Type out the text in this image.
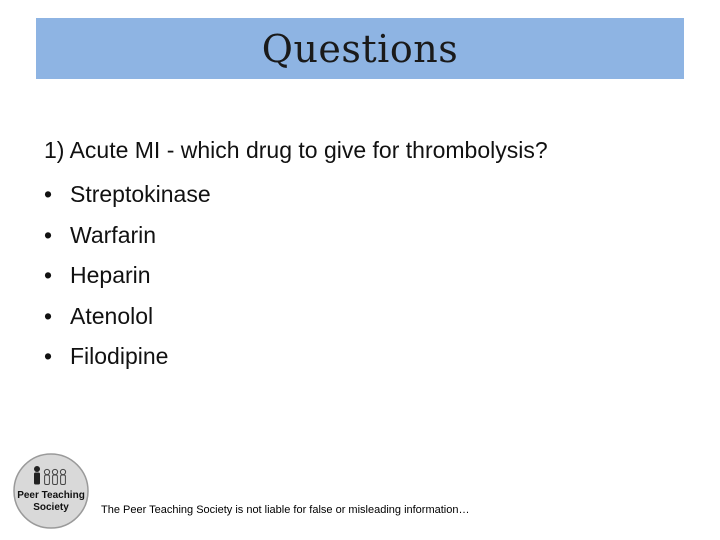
Questions
1) Acute MI - which drug to give for thrombolysis?
• Streptokinase
• Warfarin
• Heparin
• Atenolol
• Filodipine
Peer Teaching
Society	The Peer Teaching Society is not liable for false or misleading information…
